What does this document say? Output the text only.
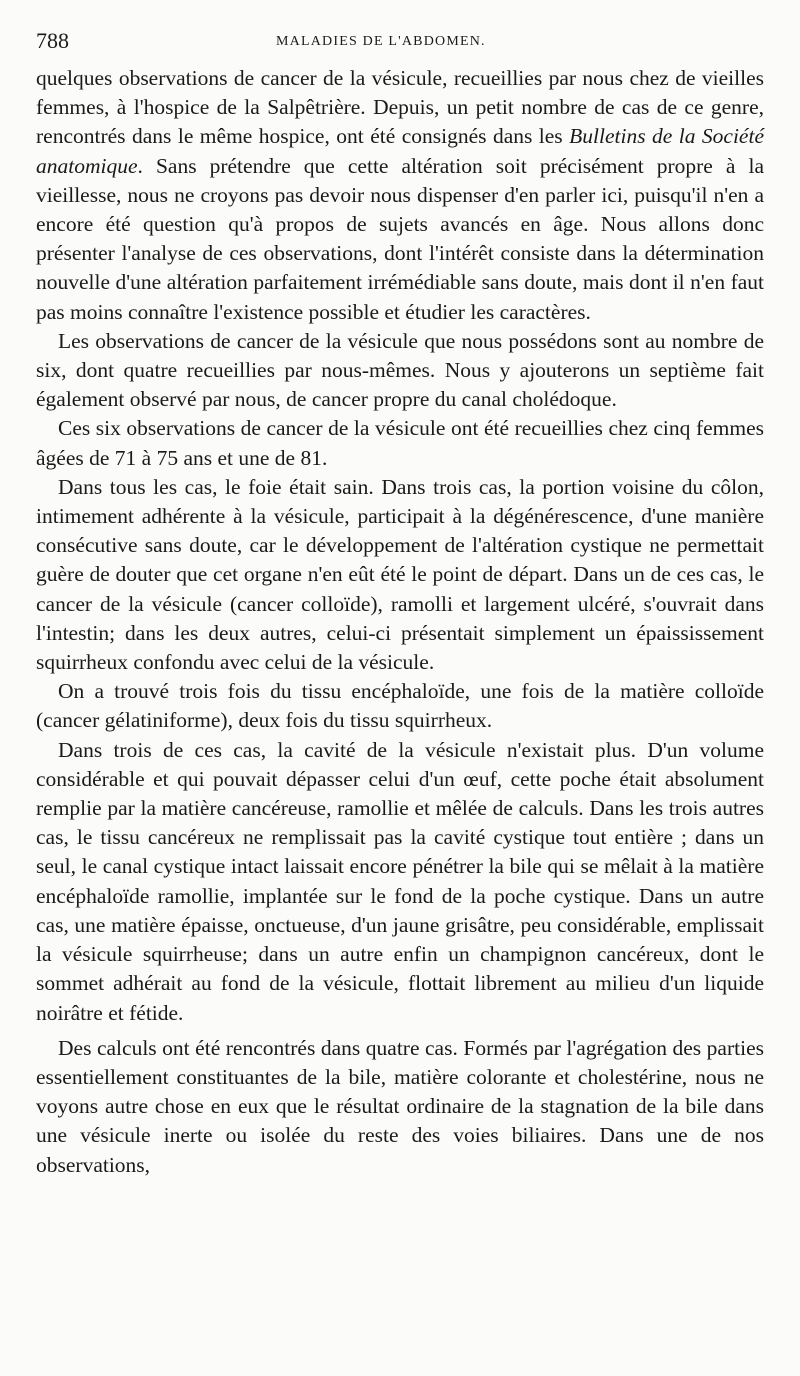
788	MALADIES DE L'ABDOMEN.

quelques observations de cancer de la vésicule, recueillies par nous chez de vieilles femmes, à l'hospice de la Salpêtrière. Depuis, un petit nombre de cas de ce genre, rencontrés dans le même hospice, ont été consignés dans les Bulletins de la Société anatomique. Sans prétendre que cette altération soit précisément propre à la vieillesse, nous ne croyons pas devoir nous dispenser d'en parler ici, puisqu'il n'en a encore été question qu'à propos de sujets avancés en âge. Nous allons donc présenter l'analyse de ces observations, dont l'intérêt consiste dans la détermination nouvelle d'une altération parfaitement irrémédiable sans doute, mais dont il n'en faut pas moins connaître l'existence possible et étudier les caractères.

Les observations de cancer de la vésicule que nous possédons sont au nombre de six, dont quatre recueillies par nous-mêmes. Nous y ajouterons un septième fait également observé par nous, de cancer propre du canal cholédoque.

Ces six observations de cancer de la vésicule ont été recueillies chez cinq femmes âgées de 71 à 75 ans et une de 81.

Dans tous les cas, le foie était sain. Dans trois cas, la portion voisine du côlon, intimement adhérente à la vésicule, participait à la dégénérescence, d'une manière consécutive sans doute, car le développement de l'altération cystique ne permettait guère de douter que cet organe n'en eût été le point de départ. Dans un de ces cas, le cancer de la vésicule (cancer colloïde), ramolli et largement ulcéré, s'ouvrait dans l'intestin; dans les deux autres, celui-ci présentait simplement un épaississement squirrheux confondu avec celui de la vésicule.

On a trouvé trois fois du tissu encéphaloïde, une fois de la matière colloïde (cancer gélatiniforme), deux fois du tissu squirrheux.

Dans trois de ces cas, la cavité de la vésicule n'existait plus. D'un volume considérable et qui pouvait dépasser celui d'un œuf, cette poche était absolument remplie par la matière cancéreuse, ramollie et mêlée de calculs. Dans les trois autres cas, le tissu cancéreux ne remplissait pas la cavité cystique tout entière ; dans un seul, le canal cystique intact laissait encore pénétrer la bile qui se mêlait à la matière encéphaloïde ramollie, implantée sur le fond de la poche cystique. Dans un autre cas, une matière épaisse, onctueuse, d'un jaune grisâtre, peu considérable, emplissait la vésicule squirrheuse; dans un autre enfin un champignon cancéreux, dont le sommet adhérait au fond de la vésicule, flottait librement au milieu d'un liquide noirâtre et fétide.

Des calculs ont été rencontrés dans quatre cas. Formés par l'agrégation des parties essentiellement constituantes de la bile, matière colorante et cholestérine, nous ne voyons autre chose en eux que le résultat ordinaire de la stagnation de la bile dans une vésicule inerte ou isolée du reste des voies biliaires. Dans une de nos observations,
